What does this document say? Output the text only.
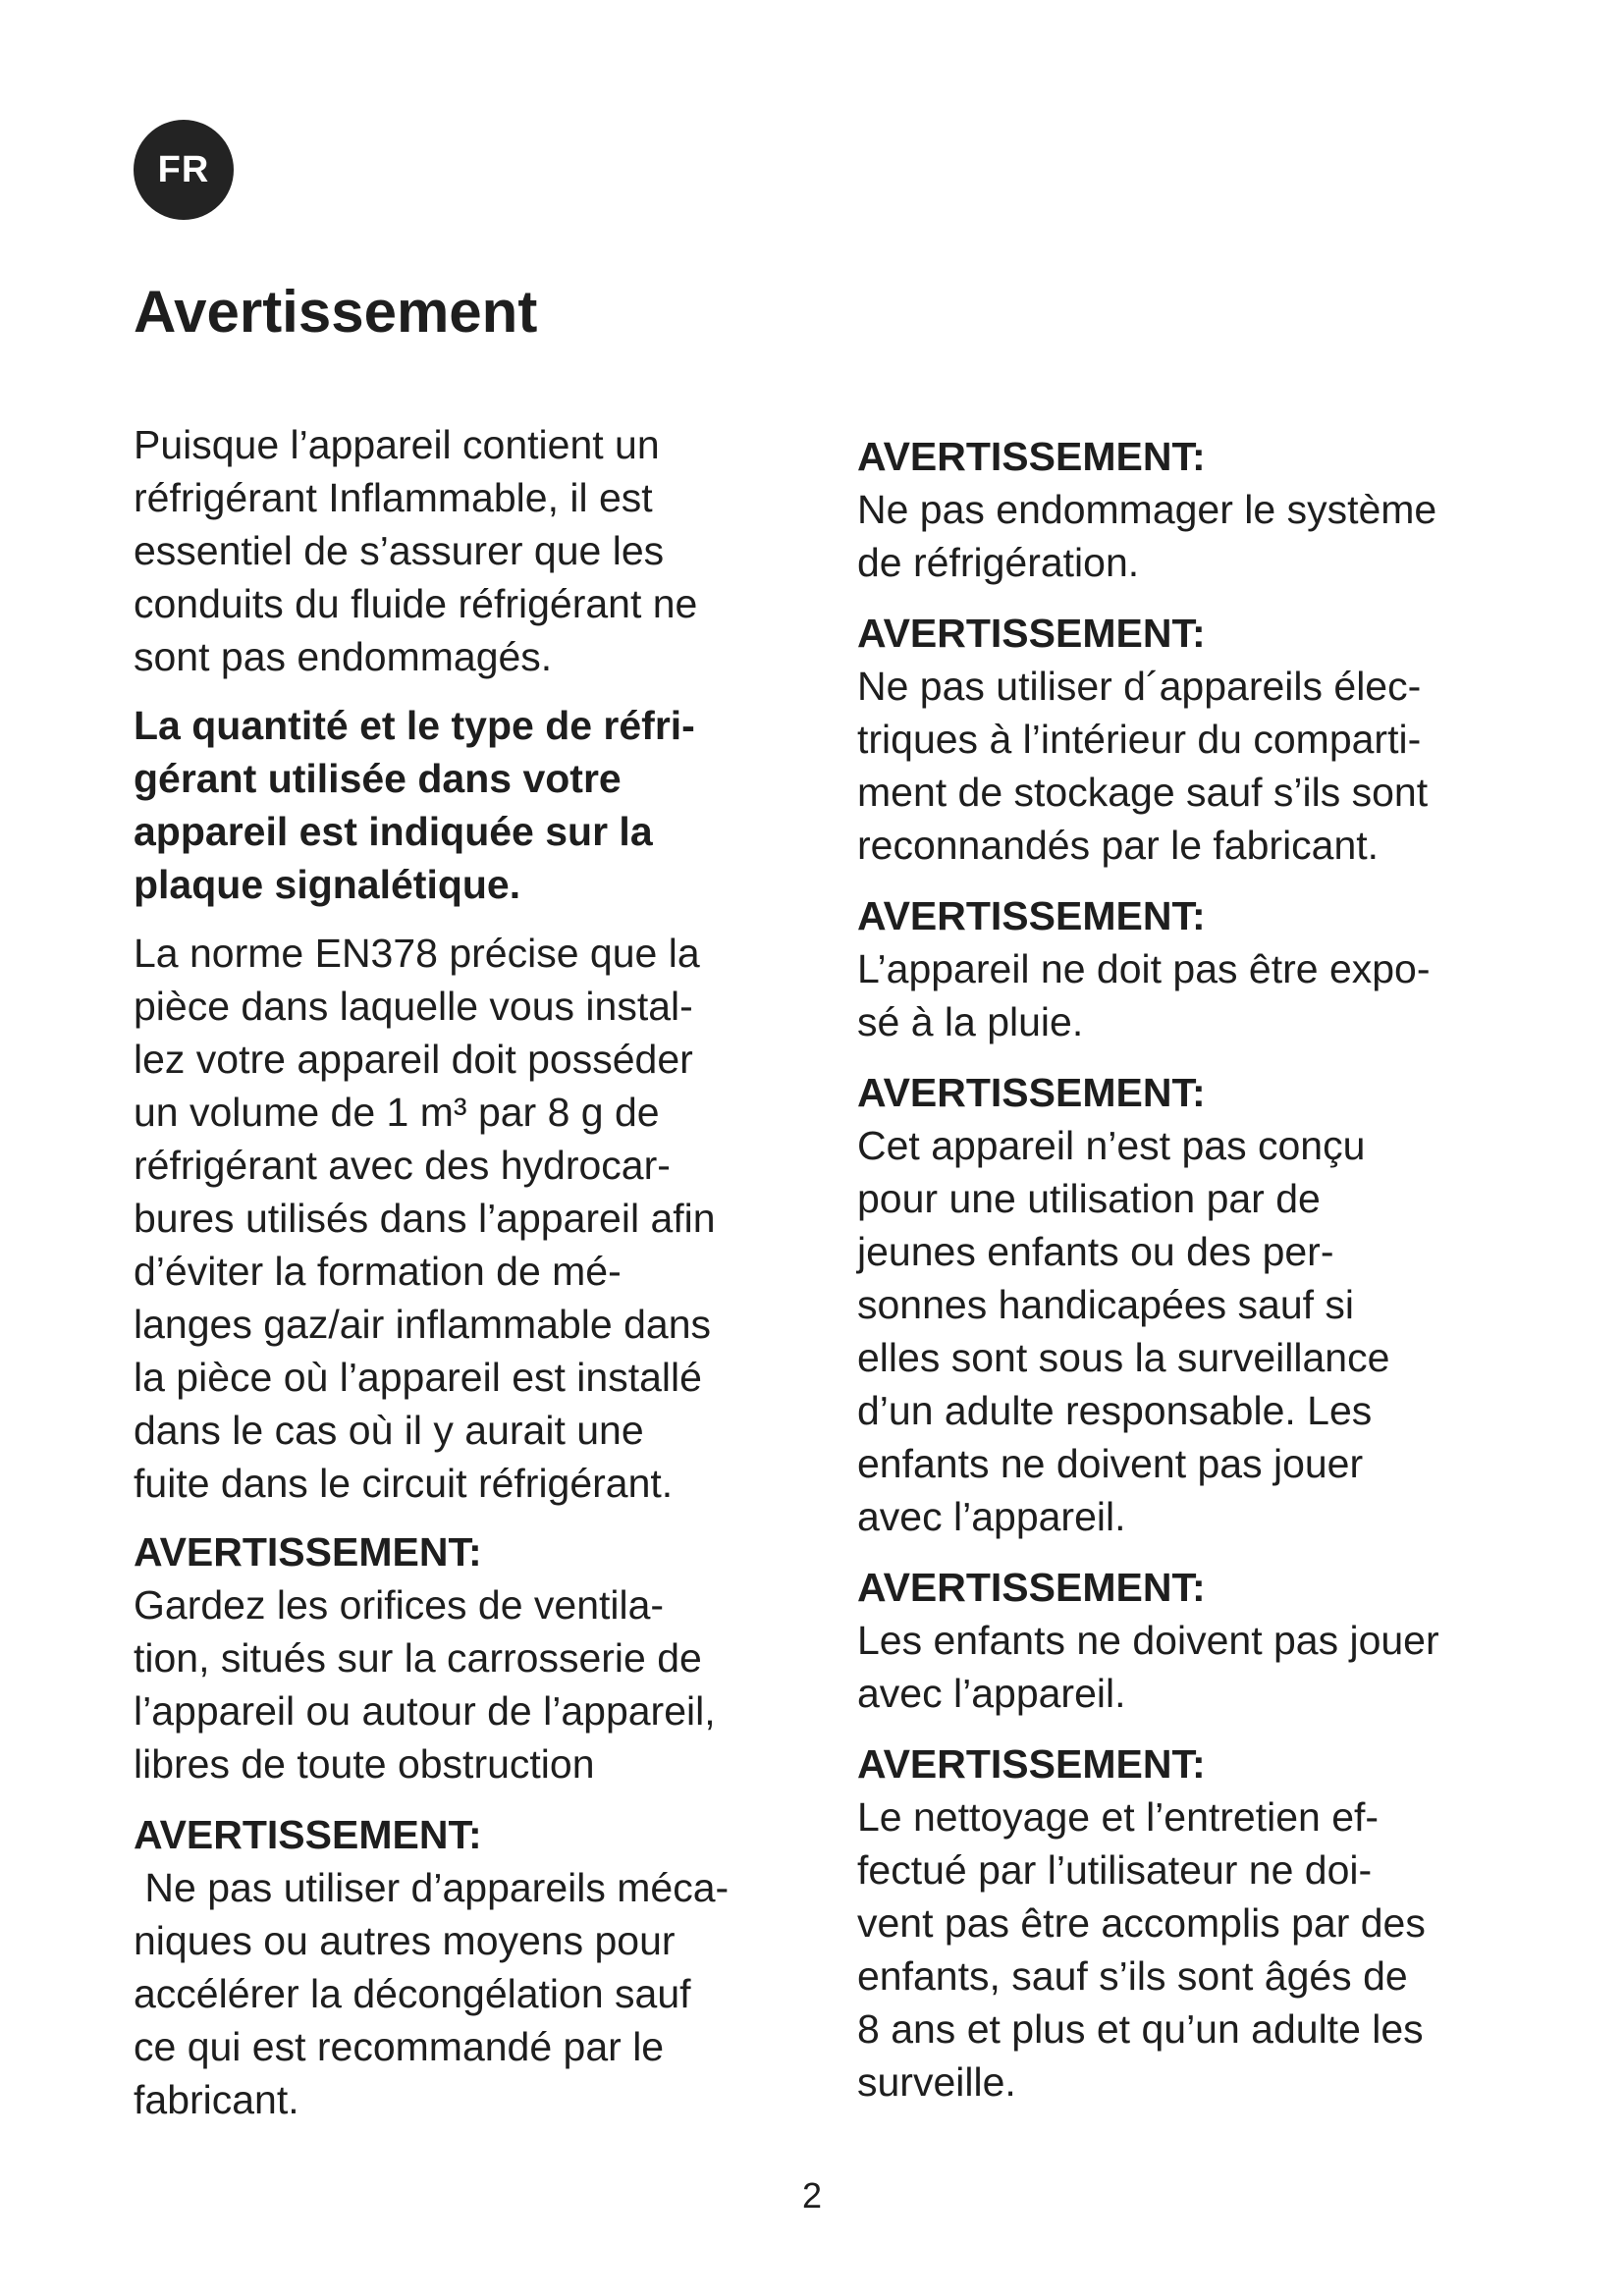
FR
Avertissement

Puisque l’appareil contient un
réfrigérant Inflammable, il est
essentiel de s’assurer que les
conduits du fluide réfrigérant ne
sont pas endommagés.

La quantité et le type de réfri-
gérant utilisée dans votre
appareil est indiquée sur la
plaque signalétique.

La norme EN378 précise que la
pièce dans laquelle vous instal-
lez votre appareil doit posséder
un volume de 1 m³ par 8 g de
réfrigérant avec des hydrocar-
bures utilisés dans l’appareil afin
d’éviter la formation de mé-
langes gaz/air inflammable dans
la pièce où l’appareil est installé
dans le cas où il y aurait une
fuite dans le circuit réfrigérant.

AVERTISSEMENT:
Gardez les orifices de ventila-
tion, situés sur la carrosserie de
l’appareil ou autour de l’appareil,
libres de toute obstruction
AVERTISSEMENT:
Ne pas utiliser d’appareils méca-
niques ou autres moyens pour
accélérer la décongélation sauf
ce qui est recommandé par le
fabricant.
AVERTISSEMENT:
Ne pas endommager le système
de réfrigération.
AVERTISSEMENT:
Ne pas utiliser d´appareils élec-
triques à l’intérieur du comparti-
ment de stockage sauf s’ils sont
reconnandés par le fabricant.
AVERTISSEMENT:
L’appareil ne doit pas être expo-
sé à la pluie.
AVERTISSEMENT:
Cet appareil n’est pas conçu
pour une utilisation par de
jeunes enfants ou des per-
sonnes handicapées sauf si
elles sont sous la surveillance
d’un adulte responsable. Les
enfants ne doivent pas jouer
avec l’appareil.
AVERTISSEMENT:
Les enfants ne doivent pas jouer
avec l’appareil.
AVERTISSEMENT:
Le nettoyage et l’entretien ef-
fectué par l’utilisateur ne doi-
vent pas être accomplis par des
enfants, sauf s’ils sont âgés de
8 ans et plus et qu’un adulte les
surveille.
2
